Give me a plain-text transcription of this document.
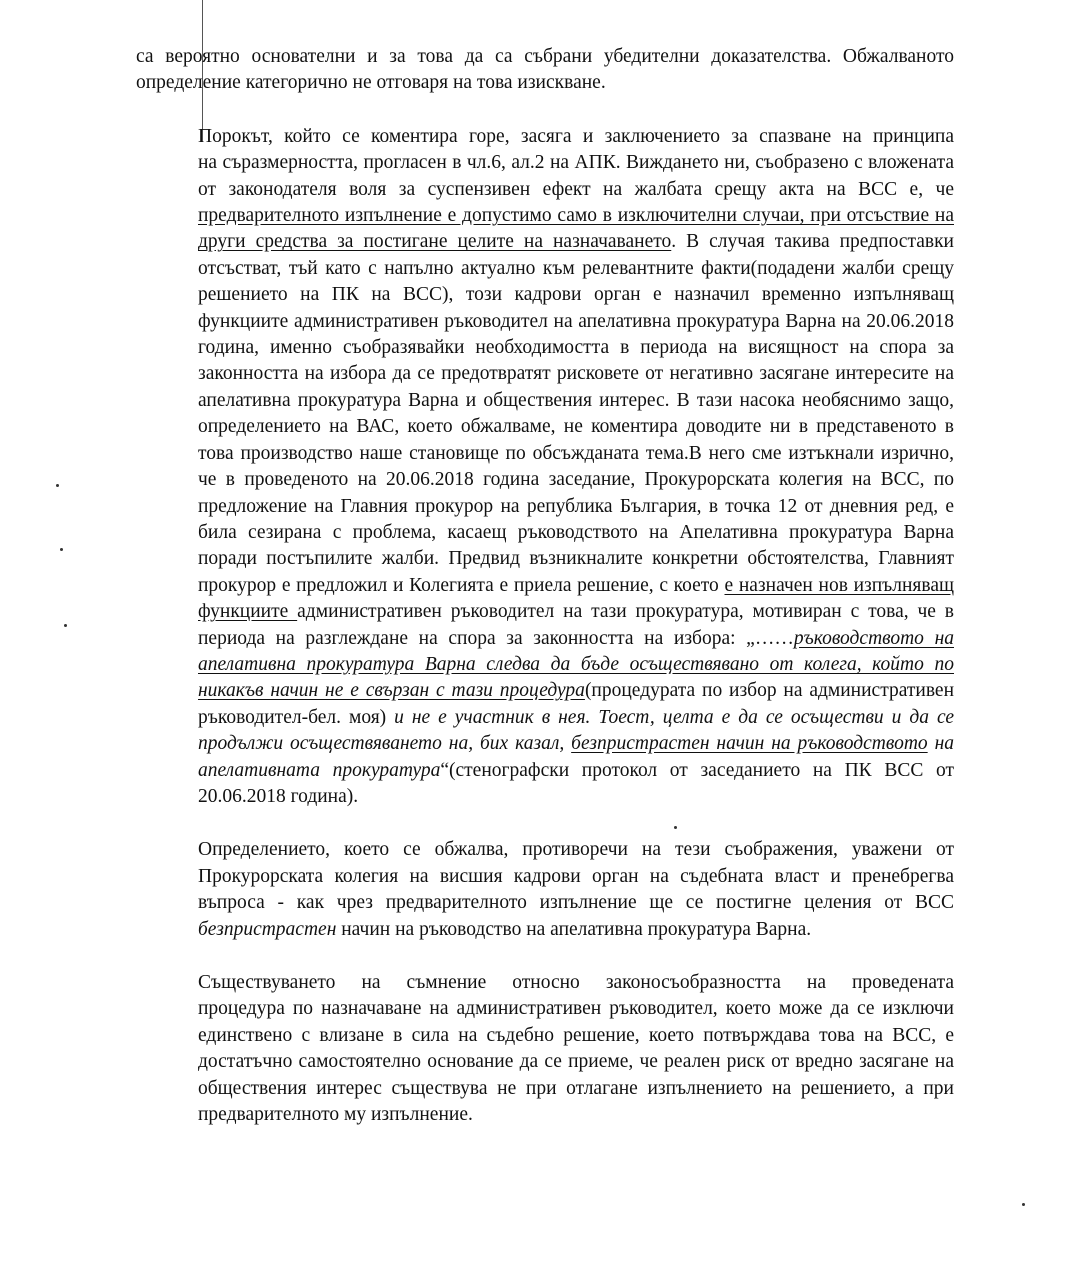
са вероятно основателни и за това да са събрани убедителни доказателства. Обжалваното
определение категорично не отговаря на това изискване.
Порокът, който се коментира горе, засяга и заключението за спазване на принципа
на съразмерността, прогласен в чл.6, ал.2 на АПК. Виждането ни, съобразено с вложената
от законодателя воля за суспензивен ефект на жалбата срещу акта на ВСС е, че
предварителното изпълнение е допустимо само в изключителни случаи, при отсъствие на
други средства за постигане целите на назначаването. В случая такива предпоставки
отсъстват, тъй като с напълно актуално към релевантните факти(подадени жалби срещу
решението на ПК на ВСС), този кадрови орган е назначил временно изпълняващ
функциите административен ръководител на апелативна прокуратура Варна на 20.06.2018
година, именно съобразявайки необходимостта в периода на висящност на спора за
законността на избора да се предотвратят рисковете от негативно засягане интересите на
апелативна прокуратура Варна и обществения интерес. В тази насока необяснимо защо,
определението на ВАС, което обжалваме, не коментира доводите ни в представеното в
това производство наше становище по обсъжданата тема.В него сме изтъкнали изрично,
че в проведеното на 20.06.2018 година заседание, Прокурорската колегия на ВСС, по
предложение на Главния прокурор на република България, в точка 12 от дневния ред, е
била сезирана с проблема, касаещ ръководството на Апелативна прокуратура Варна
поради постъпилите жалби. Предвид възникналите конкретни обстоятелства, Главният
прокурор е предложил и Колегията е приела решение, с което е назначен нов изпълняващ
функциите административен ръководител на тази прокуратура, мотивиран с това, че в
периода на разглеждане на спора за законността на избора: „……ръководството на
апелативна прокуратура Варна следва да бъде осъществявано от колега, който по
никакъв начин не е свързан с тази процедура(процедурата по избор на административен
ръководител-бел. моя) и не е участник в нея. Тоест, целта е да се осъществи и да се
продължи осъществяването на, бих казал, безпристрастен начин на ръководството на
апелативната прокуратура“(стенографски протокол от заседанието на ПК ВСС от
20.06.2018 година).
Определението, което се обжалва, противоречи на тези съображения, уважени от
Прокурорската колегия на висшия кадрови орган на съдебната власт и пренебрегва
въпроса - как чрез предварителното изпълнение ще се постигне целения от ВСС
безпристрастен начин на ръководство на апелативна прокуратура Варна.
Съществуването на съмнение относно законосъобразността на проведената
процедура по назначаване на административен ръководител, което може да се изключи
единствено с влизане в сила на съдебно решение, което потвърждава това на ВСС, е
достатъчно самостоятелно основание да се приеме, че реален риск от вредно засягане на
обществения интерес съществува не при отлагане изпълнението на решението, а при
предварителното му изпълнение.
